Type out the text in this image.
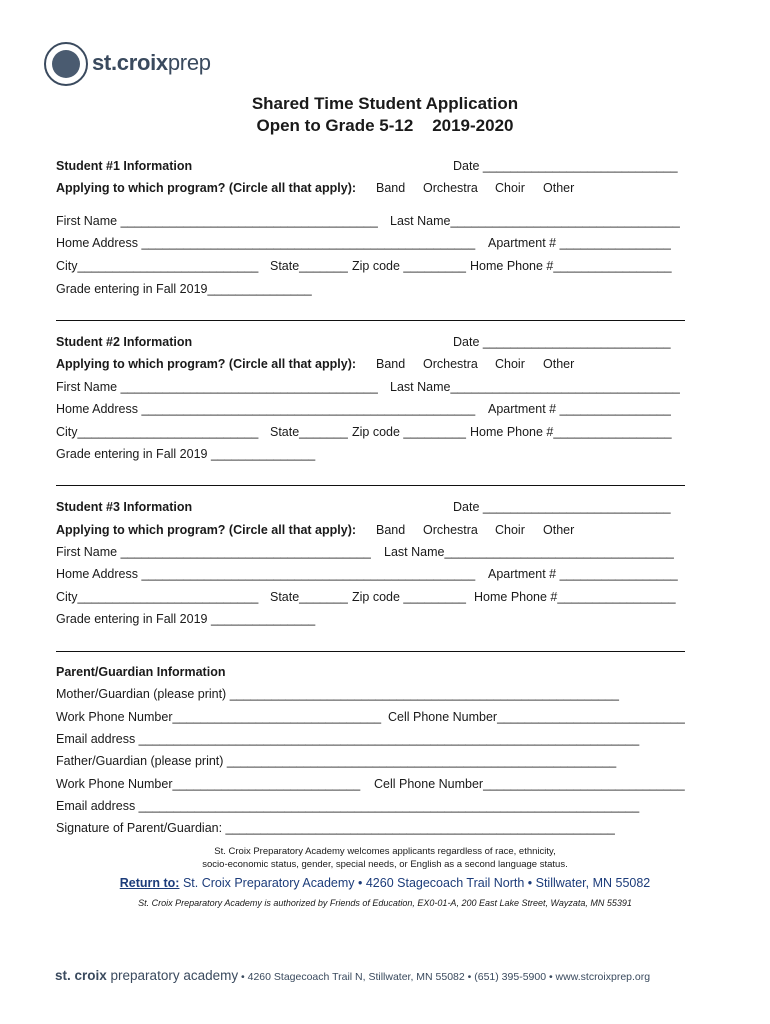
st.croixprep
Shared Time Student Application
Open to Grade 5-12    2019-2020
Student #1 Information	Date ____________________________
Applying to which program? (Circle all that apply): Band Orchestra Choir Other
First Name _____________________________________ Last Name_________________________________
Home Address ________________________________________________ Apartment # ________________
City__________________________ State_______ Zip code _________ Home Phone #_________________
Grade entering in Fall 2019_______________
Student #2 Information	Date ___________________________
Applying to which program? (Circle all that apply): Band Orchestra Choir Other
First Name _____________________________________ Last Name_________________________________
Home Address ________________________________________________ Apartment # ________________
City__________________________ State_______ Zip code _________ Home Phone #_________________
Grade entering in Fall 2019 _______________
Student #3 Information	Date ___________________________
Applying to which program? (Circle all that apply): Band Orchestra Choir Other
First Name ____________________________________ Last Name_________________________________
Home Address ________________________________________________ Apartment # _________________
City__________________________ State_______ Zip code _________ Home Phone #_________________
Grade entering in Fall 2019 _______________
Parent/Guardian Information
Mother/Guardian (please print) ________________________________________________________
Work Phone Number______________________________ Cell Phone Number___________________________
Email address ________________________________________________________________________
Father/Guardian (please print) ________________________________________________________
Work Phone Number___________________________ Cell Phone Number_____________________________
Email address ________________________________________________________________________
Signature of Parent/Guardian: ________________________________________________________
St. Croix Preparatory Academy welcomes applicants regardless of race, ethnicity,
socio-economic status, gender, special needs, or English as a second language status.
Return to: St. Croix Preparatory Academy • 4260 Stagecoach Trail North • Stillwater, MN 55082
St. Croix Preparatory Academy is authorized by Friends of Education, EX0-01-A, 200 East Lake Street, Wayzata, MN 55391
st. croix preparatory academy • 4260 Stagecoach Trail N, Stillwater, MN 55082 • (651) 395-5900 • www.stcroixprep.org
